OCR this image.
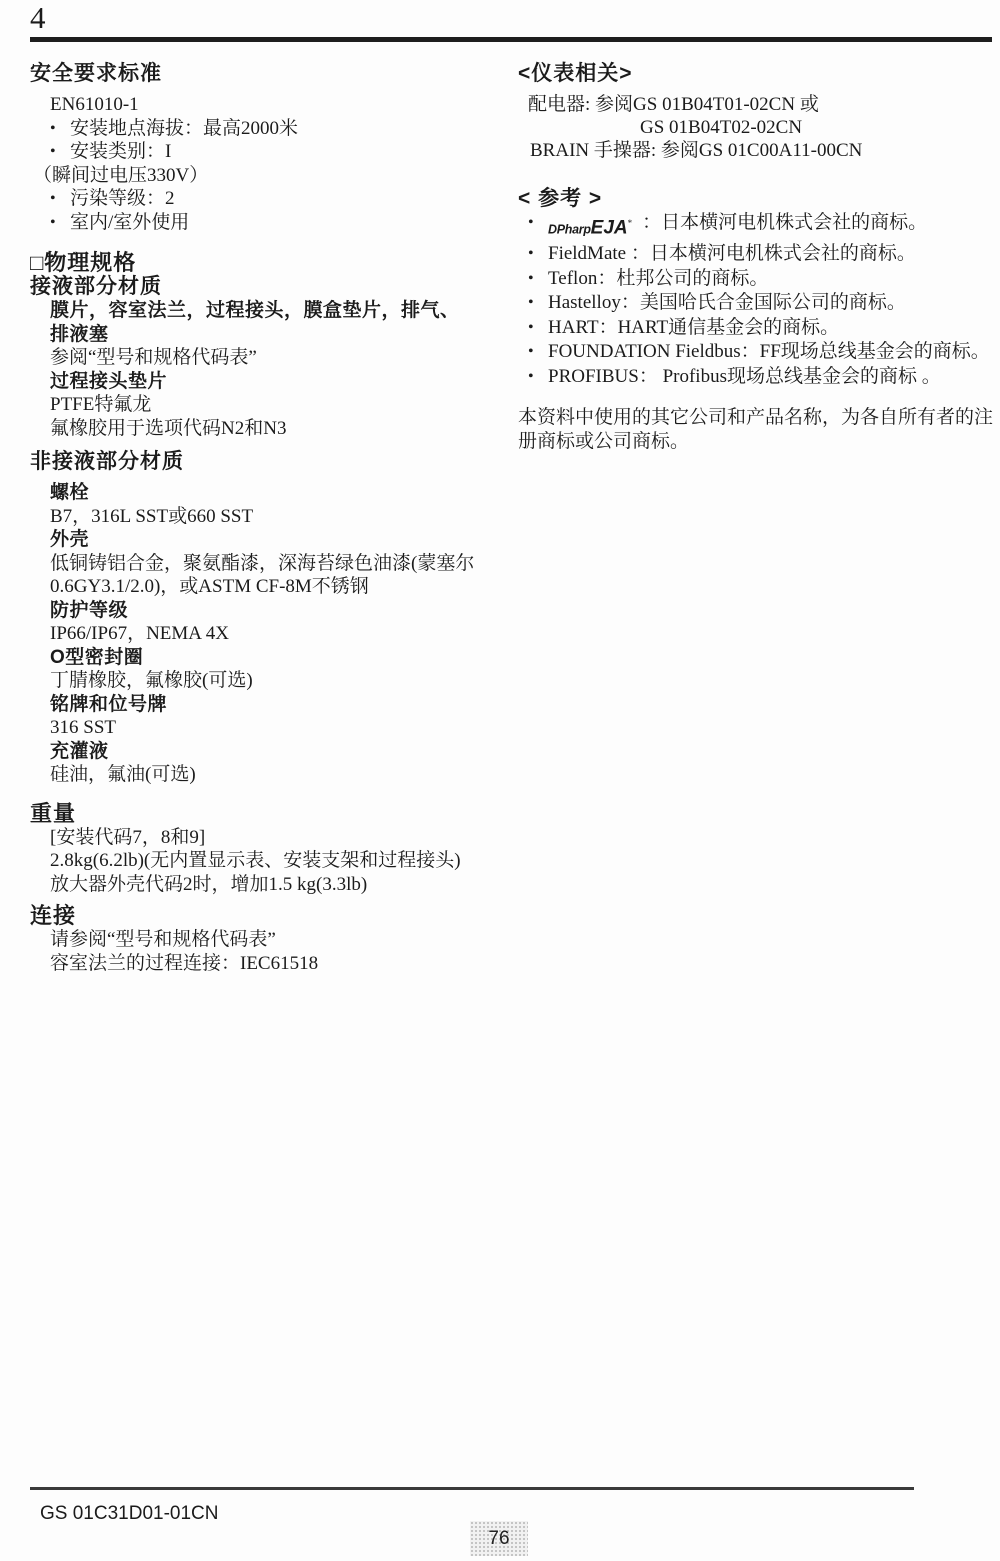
4
安全要求标准
EN61010-1
• 安装地点海拔：最高2000米
• 安装类别：I
（瞬间过电压330V）
• 污染等级：2
• 室内/室外使用
□物理规格
接液部分材质
膜片，容室法兰，过程接头，膜盒垫片，排气、
排液塞
参阅“型号和规格代码表”
过程接头垫片
PTFE特氟龙
氟橡胶用于选项代码N2和N3
非接液部分材质
螺栓
B7，316L SST或660 SST
外壳
低铜铸铝合金，聚氨酯漆，深海苔绿色油漆(蒙塞尔
0.6GY3.1/2.0)，或ASTM CF-8M不锈钢
防护等级
IP66/IP67，NEMA 4X
O型密封圈
丁腈橡胶，氟橡胶(可选)
铭牌和位号牌
316 SST
充灌液
硅油，氟油(可选)
重量
[安装代码7，8和9]
2.8kg(6.2lb)(无内置显示表、安装支架和过程接头)
放大器外壳代码2时，增加1.5 kg(3.3lb)
连接
请参阅“型号和规格代码表”
容室法兰的过程连接：IEC61518
<仪表相关>
配电器: 参阅GS 01B04T01-02CN 或
GS 01B04T02-02CN
BRAIN 手操器: 参阅GS 01C00A11-00CN
< 参考 >
•	DPharpEJA* ：日本横河电机株式会社的商标。
• FieldMate ：日本横河电机株式会社的商标。
• Teflon：杜邦公司的商标。
• Hastelloy：美国哈氏合金国际公司的商标。
• HART：HART通信基金会的商标。
• FOUNDATION Fieldbus：FF现场总线基金会的商标。
• PROFIBUS： Profibus现场总线基金会的商标 。
本资料中使用的其它公司和产品名称，为各自所有者的注册商标或公司商标。
GS 01C31D01-01CN
76
